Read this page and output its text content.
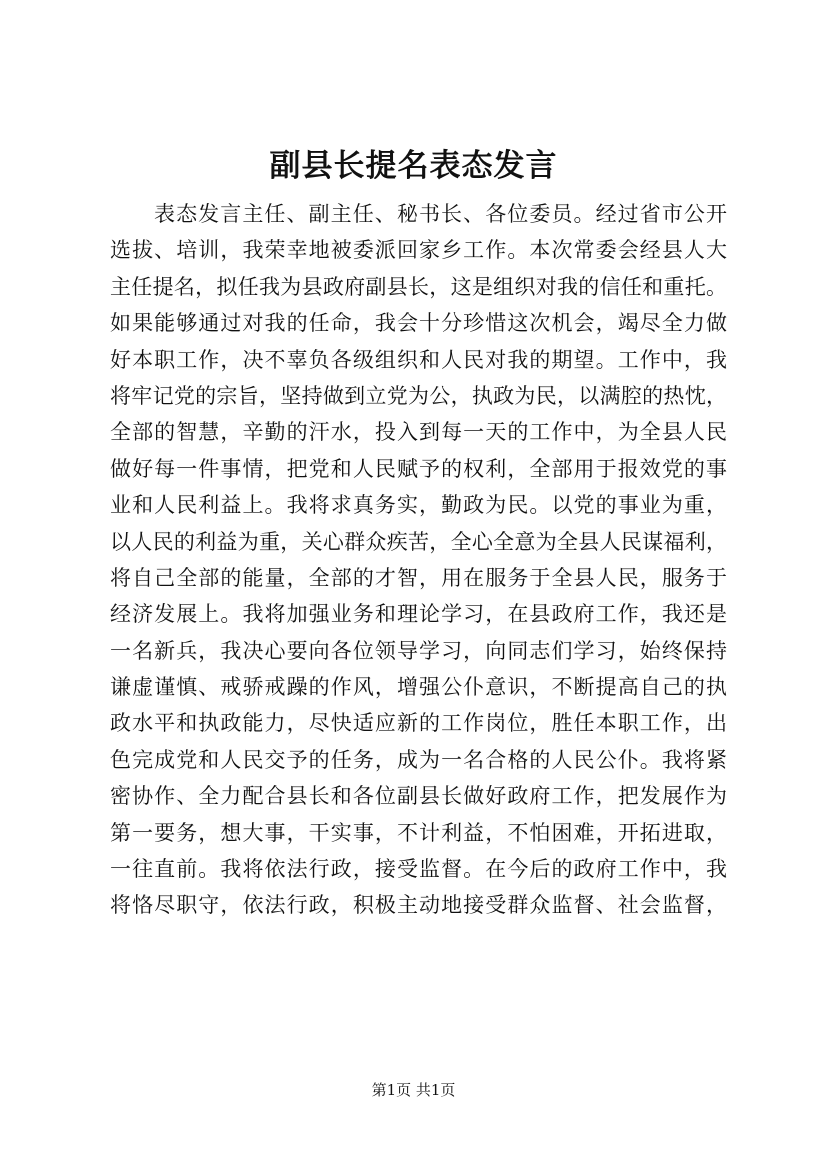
副县长提名表态发言
表态发言主任、副主任、秘书长、各位委员。经过省市公开
选拔、培训，我荣幸地被委派回家乡工作。本次常委会经县人大
主任提名，拟任我为县政府副县长，这是组织对我的信任和重托。
如果能够通过对我的任命，我会十分珍惜这次机会，竭尽全力做
好本职工作，决不辜负各级组织和人民对我的期望。工作中，我
将牢记党的宗旨，坚持做到立党为公，执政为民，以满腔的热忱，
全部的智慧，辛勤的汗水，投入到每一天的工作中，为全县人民
做好每一件事情，把党和人民赋予的权利，全部用于报效党的事
业和人民利益上。我将求真务实，勤政为民。以党的事业为重，
以人民的利益为重，关心群众疾苦，全心全意为全县人民谋福利，
将自己全部的能量，全部的才智，用在服务于全县人民，服务于
经济发展上。我将加强业务和理论学习，在县政府工作，我还是
一名新兵，我决心要向各位领导学习，向同志们学习，始终保持
谦虚谨慎、戒骄戒躁的作风，增强公仆意识，不断提高自己的执
政水平和执政能力，尽快适应新的工作岗位，胜任本职工作，出
色完成党和人民交予的任务，成为一名合格的人民公仆。我将紧
密协作、全力配合县长和各位副县长做好政府工作，把发展作为
第一要务，想大事，干实事，不计利益，不怕困难，开拓进取，
一往直前。我将依法行政，接受监督。在今后的政府工作中，我
将恪尽职守，依法行政，积极主动地接受群众监督、社会监督，
第1页 共1页
